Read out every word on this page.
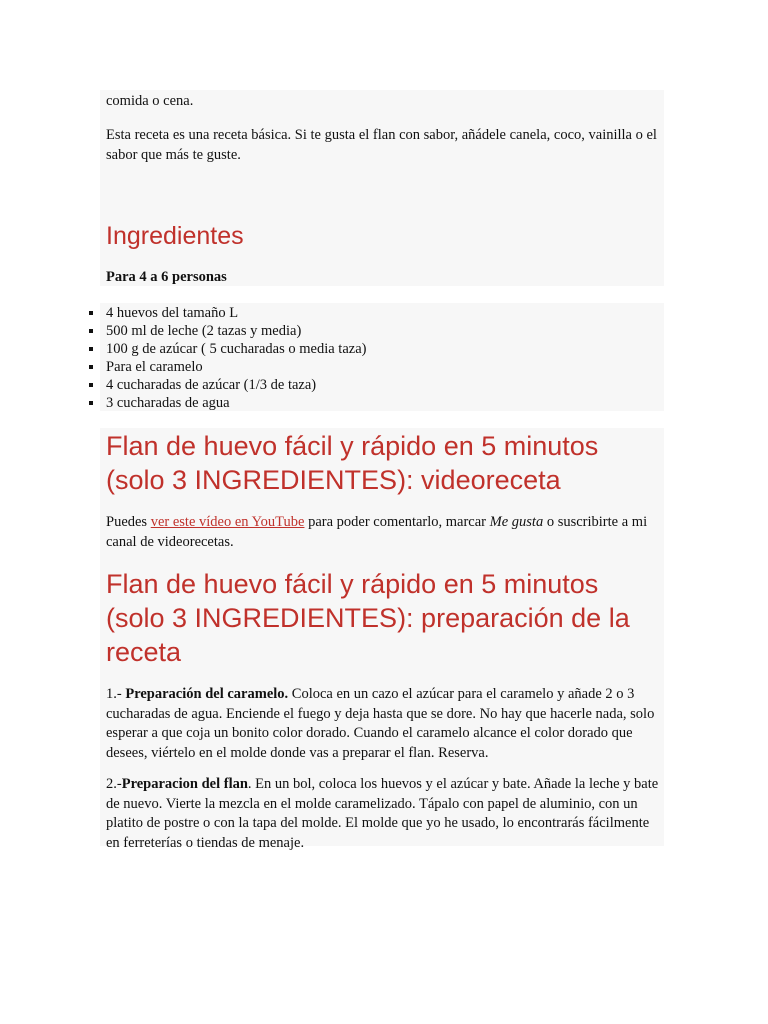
comida o cena.

Esta receta es una receta básica. Si te gusta el flan con sabor, añádele canela, coco, vainilla o el sabor que más te guste.

Ingredientes

Para 4 a 6 personas

4 huevos del tamaño L
500 ml de leche (2 tazas y media)
100 g de azúcar ( 5 cucharadas o media taza)
Para el caramelo
4 cucharadas de azúcar (1/3 de taza)
3 cucharadas de agua
Flan de huevo fácil y rápido en 5 minutos (solo 3 INGREDIENTES): videoreceta

Puedes ver este vídeo en YouTube para poder comentarlo, marcar Me gusta o suscribirte a mi canal de videorecetas.

Flan de huevo fácil y rápido en 5 minutos (solo 3 INGREDIENTES): preparación de la receta

1.- Preparación del caramelo. Coloca en un cazo el azúcar para el caramelo y añade 2 o 3 cucharadas de agua. Enciende el fuego y deja hasta que se dore. No hay que hacerle nada, solo esperar a que coja un bonito color dorado. Cuando el caramelo alcance el color dorado que desees, viértelo en el molde donde vas a preparar el flan. Reserva.

2.-Preparacion del flan. En un bol, coloca los huevos y el azúcar y bate. Añade la leche y bate de nuevo. Vierte la mezcla en el molde caramelizado. Tápalo con papel de aluminio, con un platito de postre o con la tapa del molde. El molde que yo he usado, lo encontrarás fácilmente en ferreterías o tiendas de menaje.
